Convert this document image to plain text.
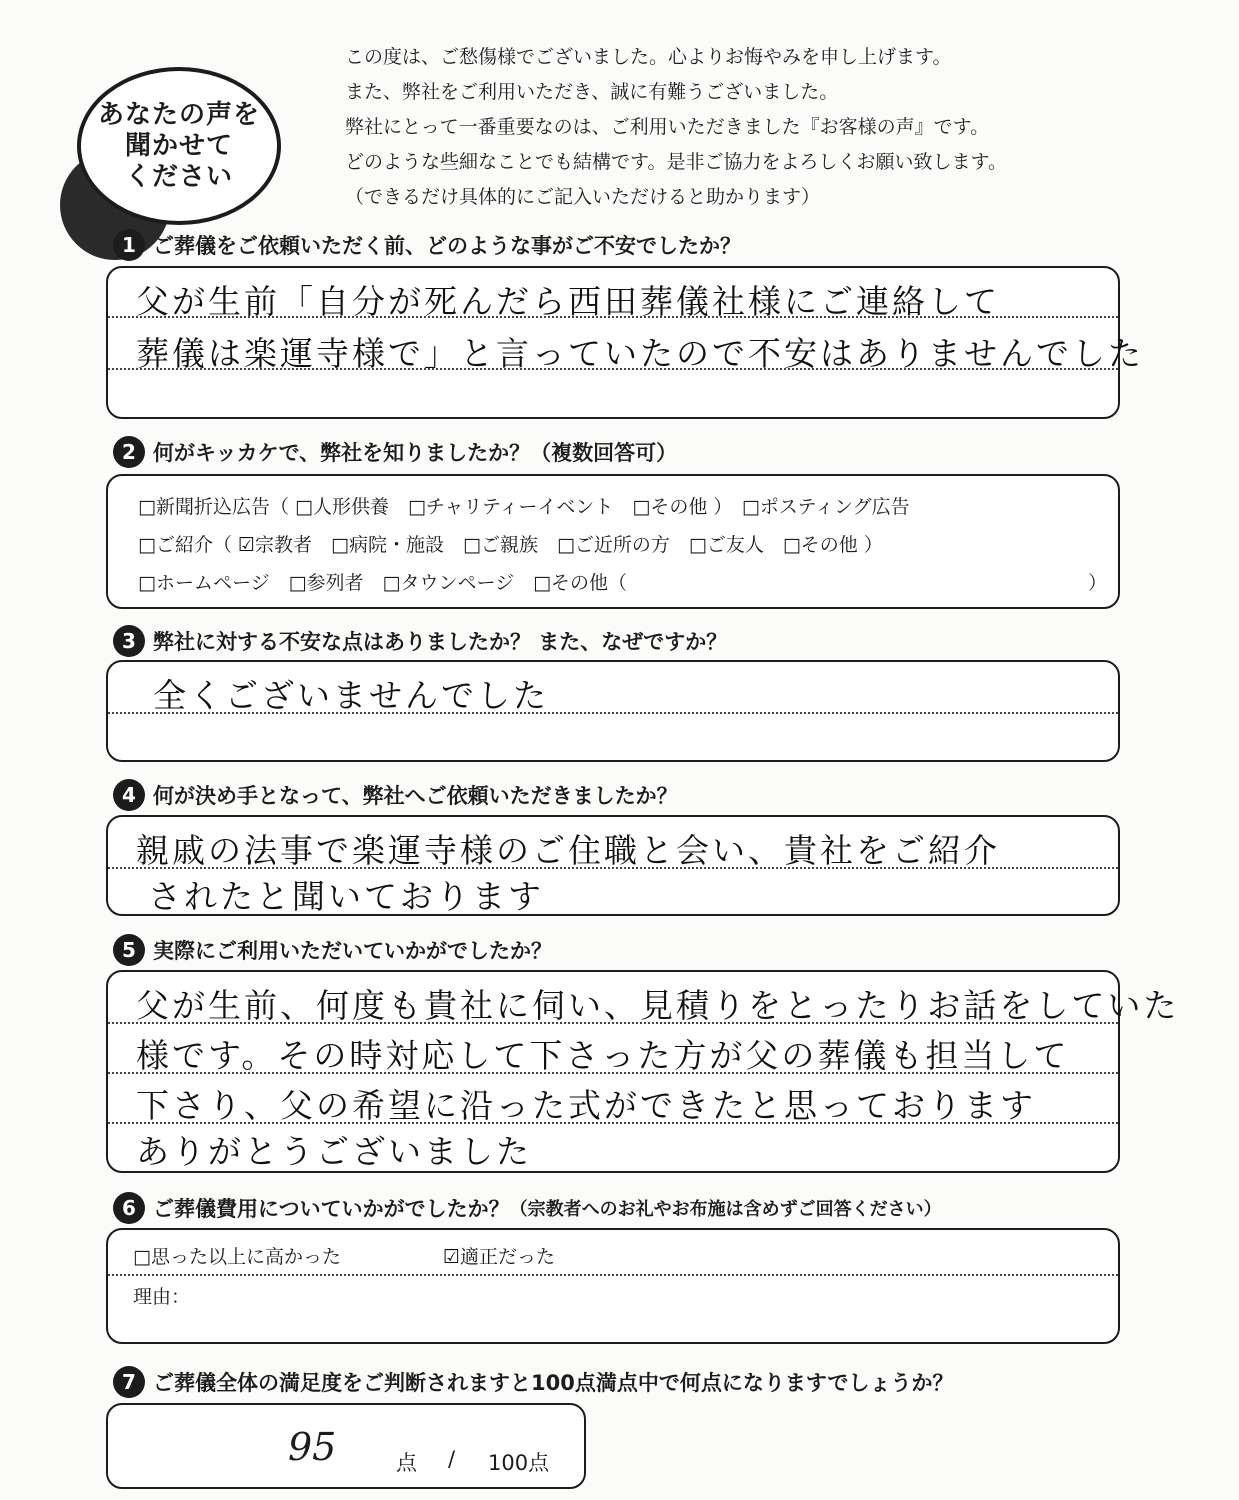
あなたの声を
聞かせて
ください
この度は、ご愁傷様でございました。心よりお悔やみを申し上げます。
また、弊社をご利用いただき、誠に有難うございました。
弊社にとって一番重要なのは、ご利用いただきました『お客様の声』です。
どのような些細なことでも結構です。是非ご協力をよろしくお願い致します。
（できるだけ具体的にご記入いただけると助かります）
1 ご葬儀をご依頼いただく前、どのような事がご不安でしたか？
父が生前「自分が死んだら西田葬儀社様にご連絡して
葬儀は楽運寺様で」と言っていたので不安はありませんでした
2 何がキッカケで、弊社を知りましたか？（複数回答可）
□新聞折込広告（ □人形供養　□チャリティーイベント　□その他 ）　□ポスティング広告
□ご紹介（ ☑宗教者　□病院・施設　□ご親族　□ご近所の方　□ご友人　□その他 ）
□ホームページ　□参列者　□タウンページ　□その他（	）
3 弊社に対する不安な点はありましたか？ また、なぜですか？
全くございませんでした
4 何が決め手となって、弊社へご依頼いただきましたか？
親戚の法事で楽運寺様のご住職と会い、貴社をご紹介
されたと聞いております
5 実際にご利用いただいていかがでしたか？
父が生前、何度も貴社に伺い、見積りをとったりお話をしていた
様です。その時対応して下さった方が父の葬儀も担当して
下さり、父の希望に沿った式ができたと思っております
ありがとうございました
6 ご葬儀費用についていかがでしたか？ （宗教者へのお礼やお布施は含めずご回答ください）
□思った以上に高かった	☑適正だった
理由：
7 ご葬儀全体の満足度をご判断されますと100点満点中で何点になりますでしょうか？
95	点 / 100点
